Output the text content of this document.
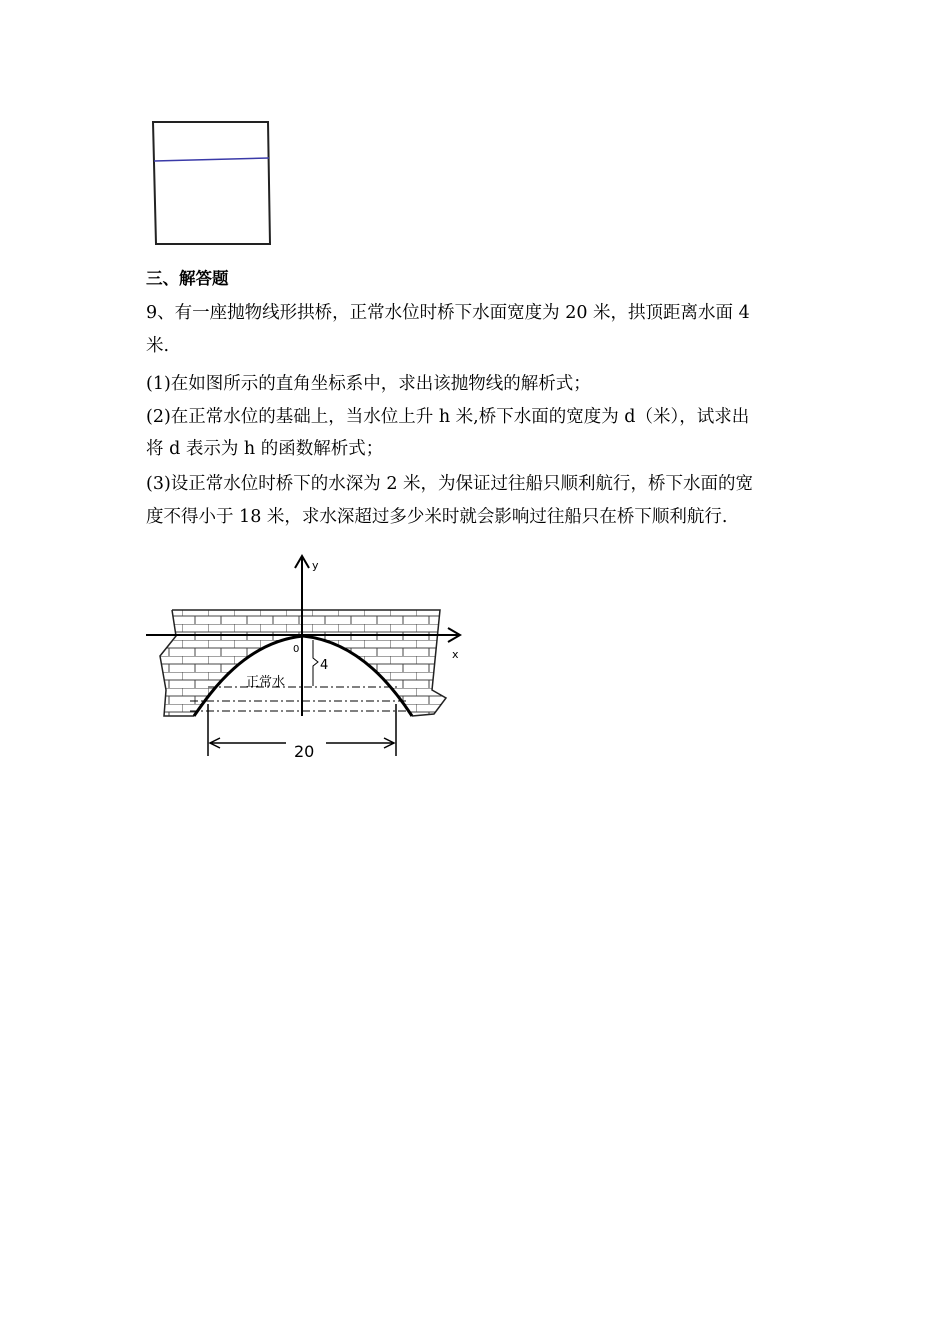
三、解答题
9、有一座抛物线形拱桥，正常水位时桥下水面宽度为 20 米，拱顶距离水面 4
米.
(1)在如图所示的直角坐标系中，求出该抛物线的解析式；
(2)在正常水位的基础上，当水位上升 h 米,桥下水面的宽度为 d（米），试求出
将 d 表示为 h 的函数解析式；
(3)设正常水位时桥下的水深为 2 米，为保证过往船只顺利航行，桥下水面的宽
度不得小于 18 米，求水深超过多少米时就会影响过往船只在桥下顺利航行.
y
x
0
4
正常水
20
